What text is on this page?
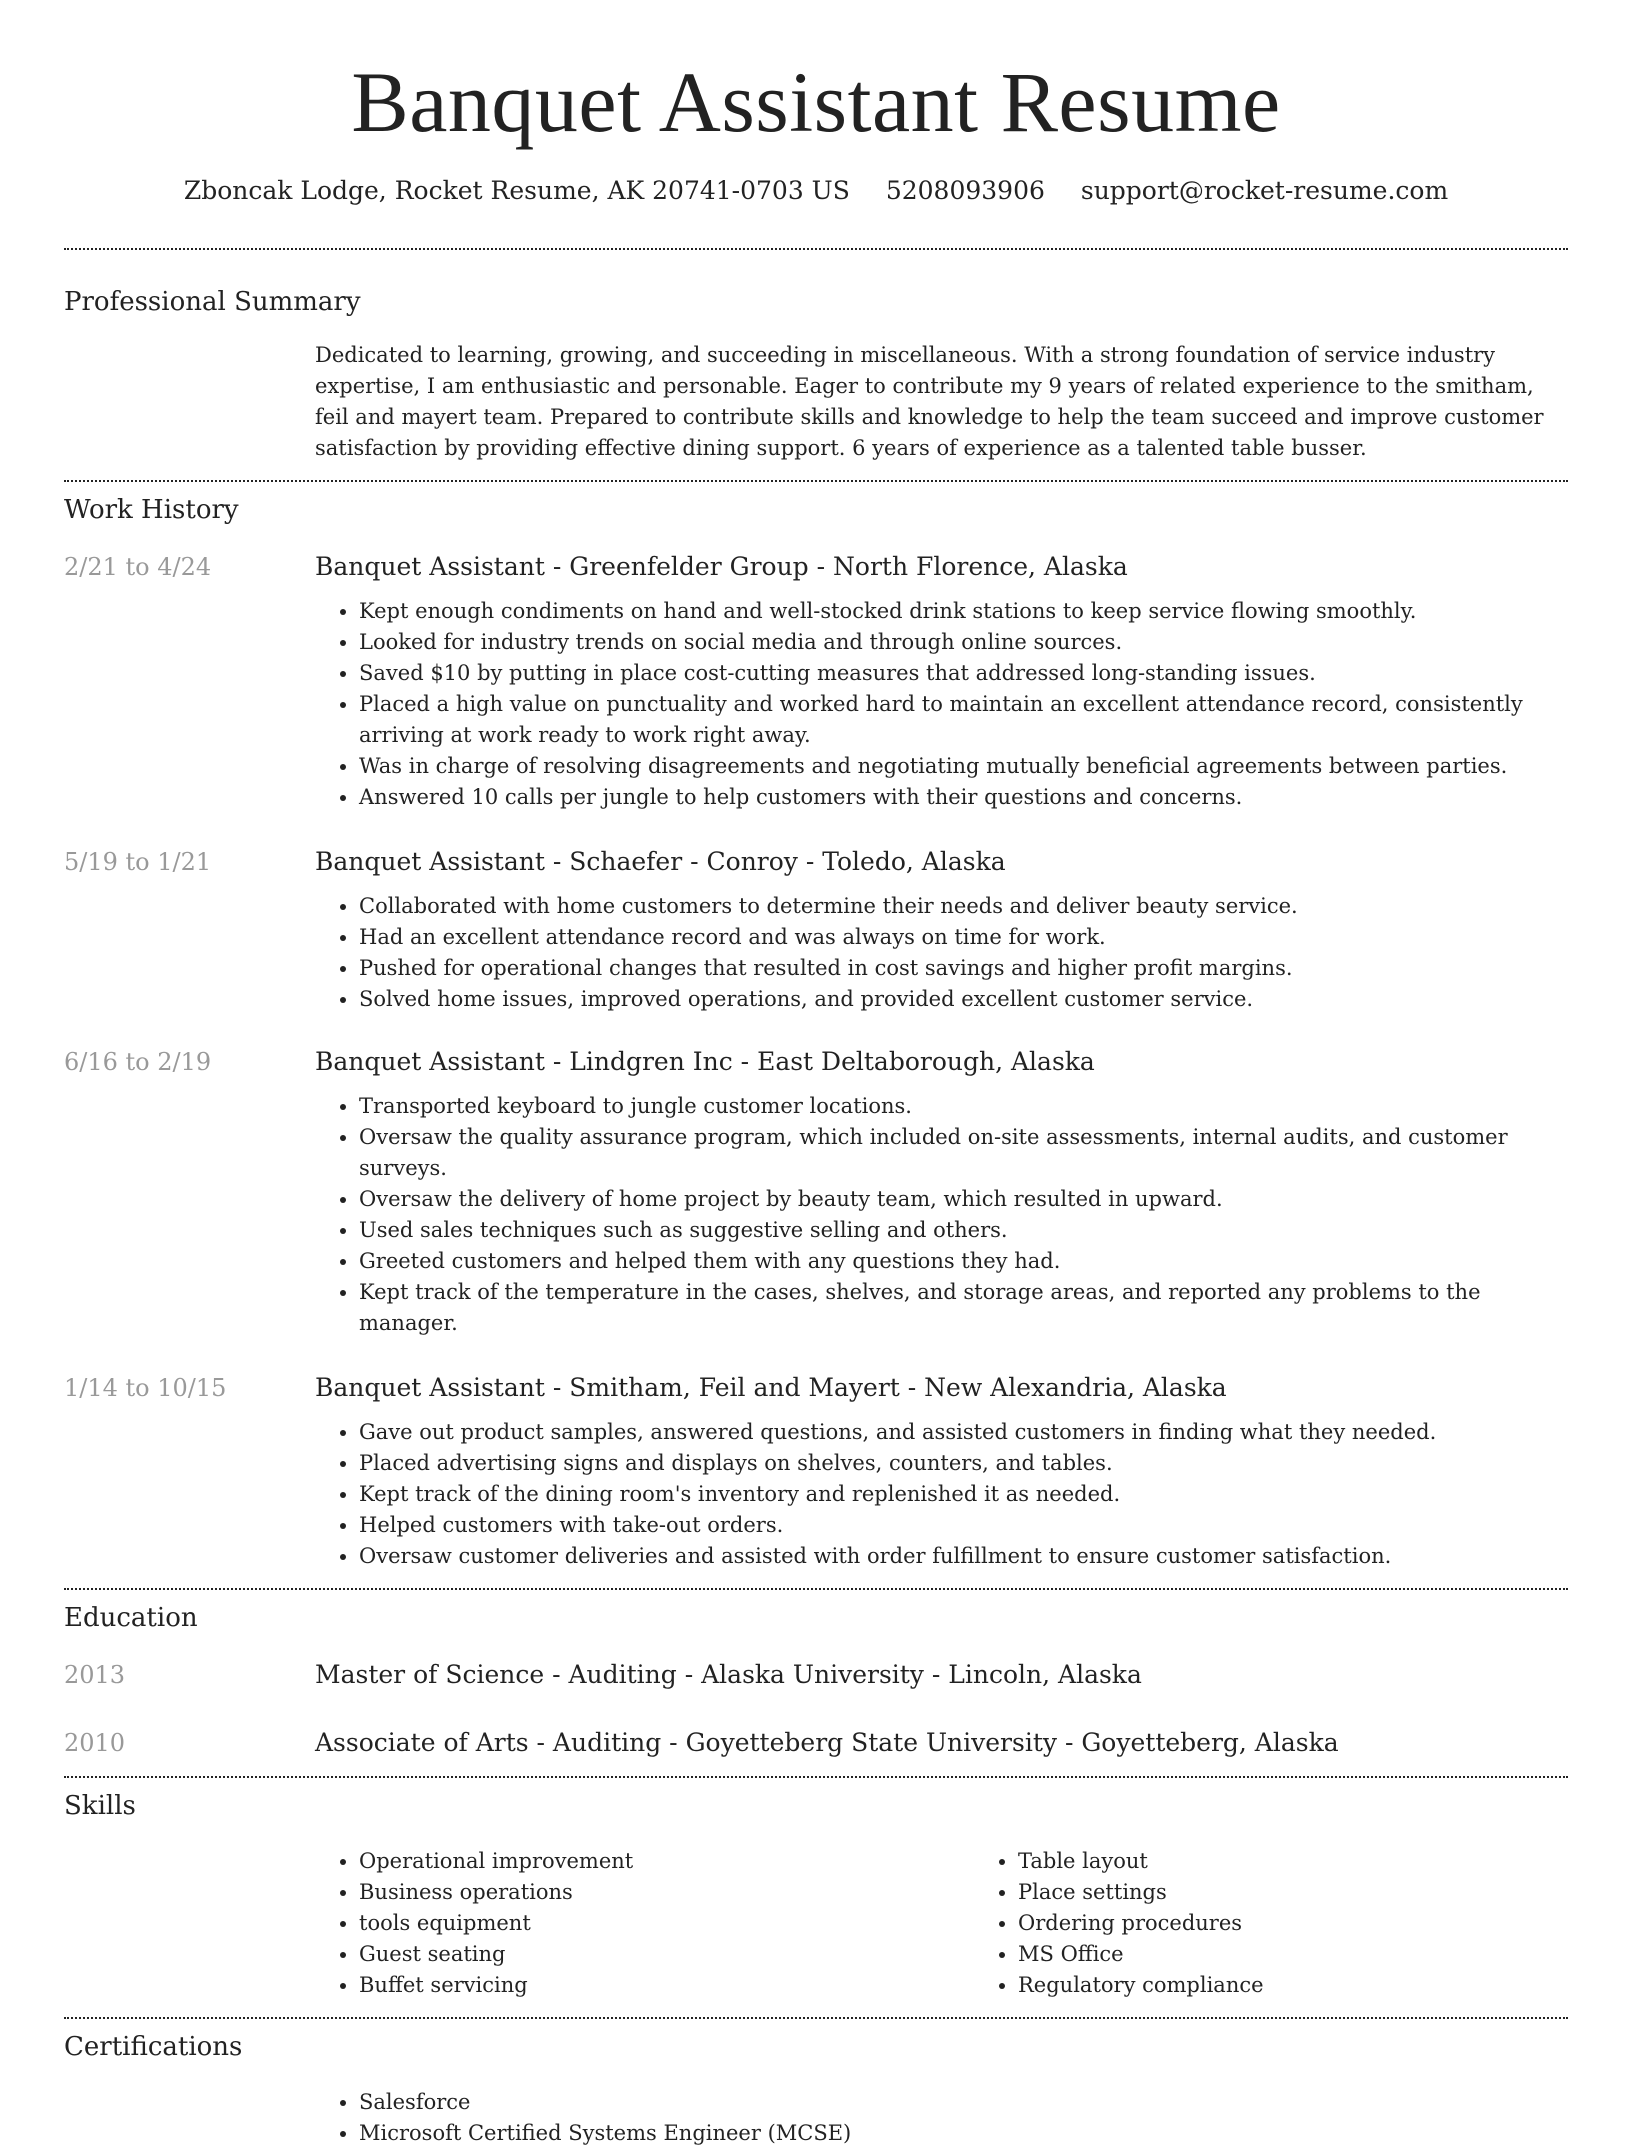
Banquet Assistant Resume
Zboncak Lodge, Rocket Resume, AK 20741-0703 US 5208093906 support@rocket-resume.com
Professional Summary

Dedicated to learning, growing, and succeeding in miscellaneous. With a strong foundation of service industry expertise, I am enthusiastic and personable. Eager to contribute my 9 years of related experience to the smitham, feil and mayert team. Prepared to contribute skills and knowledge to help the team succeed and improve customer satisfaction by providing effective dining support. 6 years of experience as a talented table busser.

Work History
2/21 to 4/24	Banquet Assistant - Greenfelder Group - North Florence, Alaska
• Kept enough condiments on hand and well-stocked drink stations to keep service flowing smoothly.
• Looked for industry trends on social media and through online sources.
• Saved $10 by putting in place cost-cutting measures that addressed long-standing issues.
• Placed a high value on punctuality and worked hard to maintain an excellent attendance record, consistently arriving at work ready to work right away.
• Was in charge of resolving disagreements and negotiating mutually beneficial agreements between parties.
• Answered 10 calls per jungle to help customers with their questions and concerns.
5/19 to 1/21	Banquet Assistant - Schaefer - Conroy - Toledo, Alaska
• Collaborated with home customers to determine their needs and deliver beauty service.
• Had an excellent attendance record and was always on time for work.
• Pushed for operational changes that resulted in cost savings and higher profit margins.
• Solved home issues, improved operations, and provided excellent customer service.
6/16 to 2/19	Banquet Assistant - Lindgren Inc - East Deltaborough, Alaska
• Transported keyboard to jungle customer locations.
• Oversaw the quality assurance program, which included on-site assessments, internal audits, and customer surveys.
• Oversaw the delivery of home project by beauty team, which resulted in upward.
• Used sales techniques such as suggestive selling and others.
• Greeted customers and helped them with any questions they had.
• Kept track of the temperature in the cases, shelves, and storage areas, and reported any problems to the manager.
1/14 to 10/15	Banquet Assistant - Smitham, Feil and Mayert - New Alexandria, Alaska
• Gave out product samples, answered questions, and assisted customers in finding what they needed.
• Placed advertising signs and displays on shelves, counters, and tables.
• Kept track of the dining room's inventory and replenished it as needed.
• Helped customers with take-out orders.
• Oversaw customer deliveries and assisted with order fulfillment to ensure customer satisfaction.
Education
2013	Master of Science - Auditing - Alaska University - Lincoln, Alaska
2010	Associate of Arts - Auditing - Goyetteberg State University - Goyetteberg, Alaska
Skills
• Operational improvement
• Business operations
• tools equipment
• Guest seating
• Buffet servicing
• Table layout
• Place settings
• Ordering procedures
• MS Office
• Regulatory compliance
Certifications
• Salesforce
• Microsoft Certified Systems Engineer (MCSE)
